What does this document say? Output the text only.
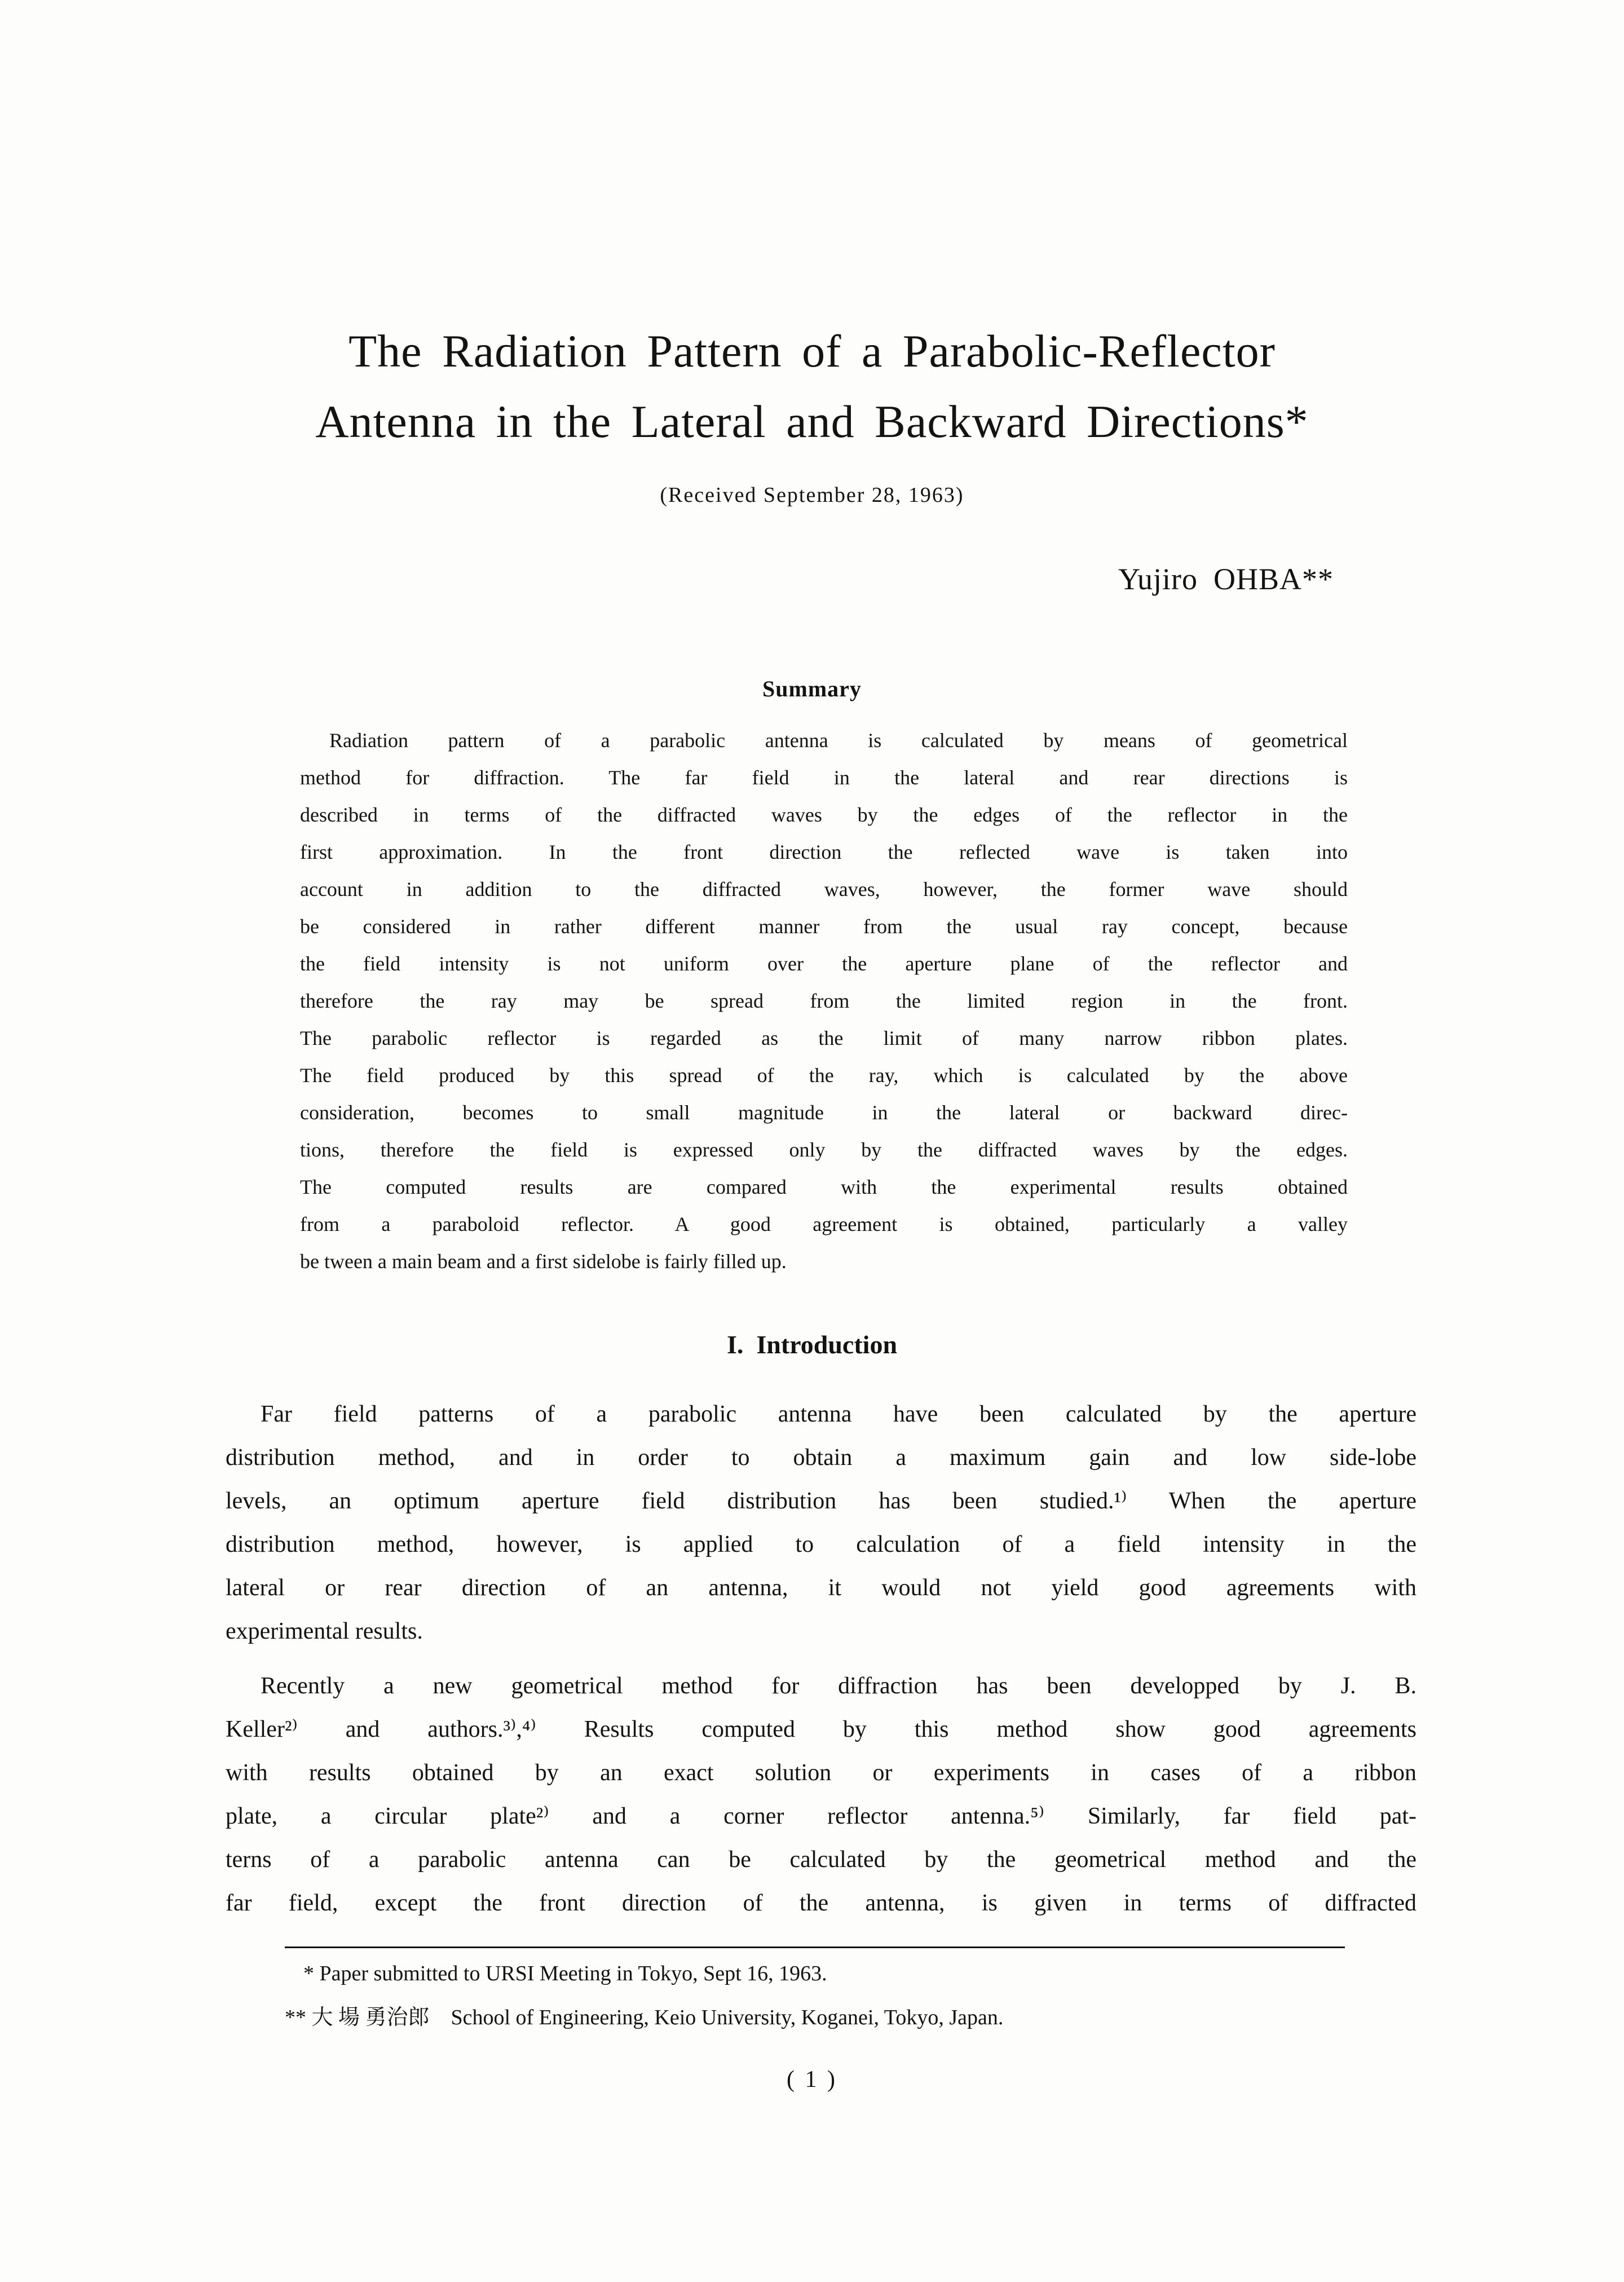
The Radiation Pattern of a Parabolic-Reflector
Antenna in the Lateral and Backward Directions*
(Received September 28, 1963)
Yujiro OHBA**
Summary
Radiation pattern of a parabolic antenna is calculated by means of geometrical
method for diffraction. The far field in the lateral and rear directions is
described in terms of the diffracted waves by the edges of the reflector in the
first approximation. In the front direction the reflected wave is taken into
account in addition to the diffracted waves, however, the former wave should
be considered in rather different manner from the usual ray concept, because
the field intensity is not uniform over the aperture plane of the reflector and
therefore the ray may be spread from the limited region in the front.
The parabolic reflector is regarded as the limit of many narrow ribbon plates.
The field produced by this spread of the ray, which is calculated by the above
consideration, becomes to small magnitude in the lateral or backward direc-
tions, therefore the field is expressed only by the diffracted waves by the edges.
The computed results are compared with the experimental results obtained
from a paraboloid reflector. A good agreement is obtained, particularly a valley
be tween a main beam and a first sidelobe is fairly filled up.
I. Introduction
Far field patterns of a parabolic antenna have been calculated by the aperture
distribution method, and in order to obtain a maximum gain and low side-lobe
levels, an optimum aperture field distribution has been studied.¹⁾ When the aperture
distribution method, however, is applied to calculation of a field intensity in the
lateral or rear direction of an antenna, it would not yield good agreements with
experimental results.
Recently a new geometrical method for diffraction has been developped by J. B.
Keller²⁾ and authors.³⁾,⁴⁾ Results computed by this method show good agreements
with results obtained by an exact solution or experiments in cases of a ribbon
plate, a circular plate²⁾ and a corner reflector antenna.⁵⁾ Similarly, far field pat-
terns of a parabolic antenna can be calculated by the geometrical method and the
far field, except the front direction of the antenna, is given in terms of diffracted
* Paper submitted to URSI Meeting in Tokyo, Sept 16, 1963.
** 大 場 勇治郎 School of Engineering, Keio University, Koganei, Tokyo, Japan.
( 1 )
